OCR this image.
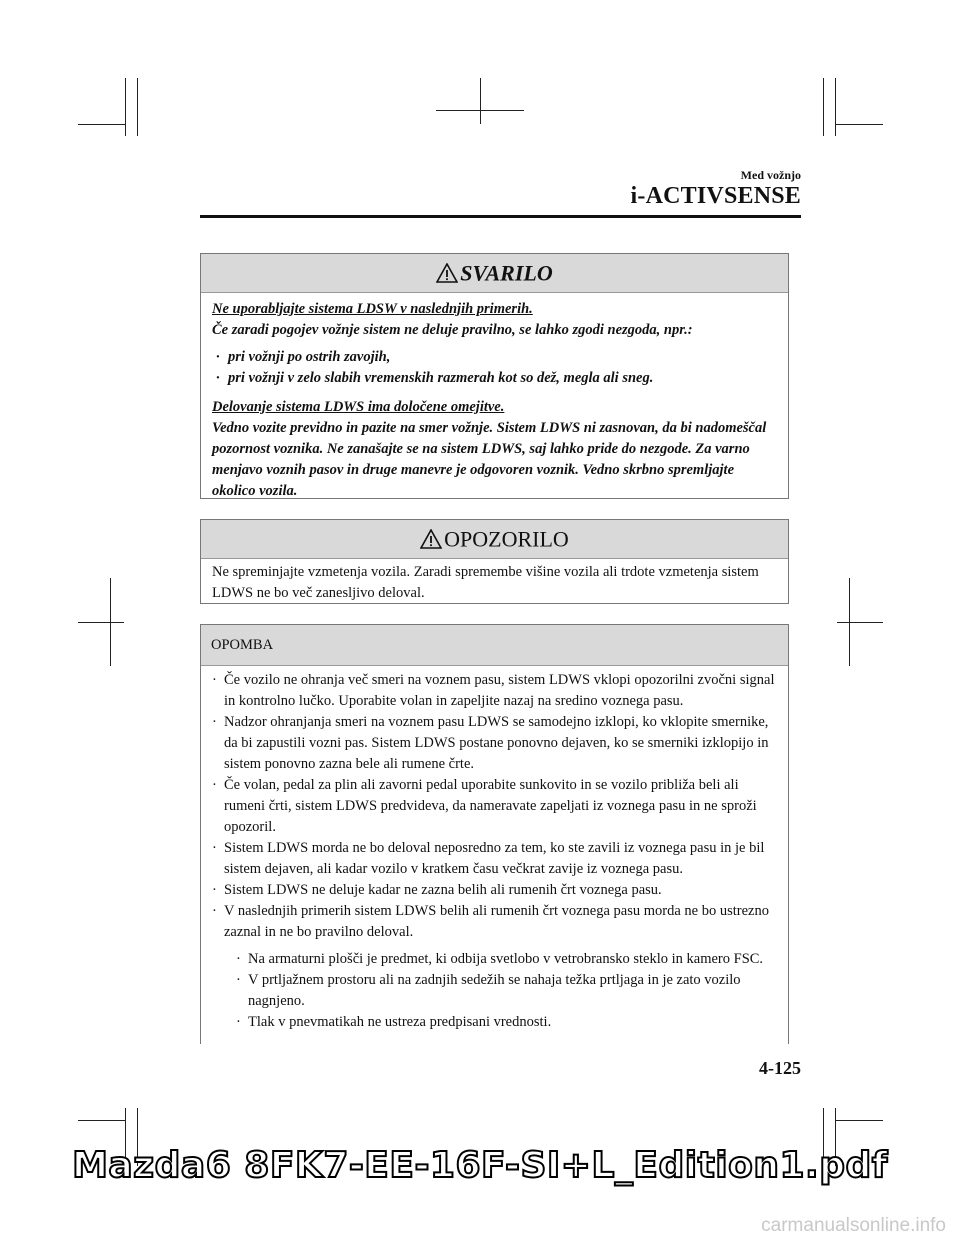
Med vožnjo
i-ACTIVSENSE
SVARILO
Ne uporabljajte sistema LDSW v naslednjih primerih.
Če zaradi pogojev vožnje sistem ne deluje pravilno, se lahko zgodi nezgoda, npr.:
· pri vožnji po ostrih zavojih,
· pri vožnji v zelo slabih vremenskih razmerah kot so dež, megla ali sneg.
Delovanje sistema LDWS ima določene omejitve.
Vedno vozite previdno in pazite na smer vožnje. Sistem LDWS ni zasnovan, da bi nadomeščal pozornost voznika. Ne zanašajte se na sistem LDWS, saj lahko pride do nezgode. Za varno menjavo voznih pasov in druge manevre je odgovoren voznik. Vedno skrbno spremljajte okolico vozila.
OPOZORILO
Ne spreminjajte vzmetenja vozila. Zaradi spremembe višine vozila ali trdote vzmetenja sistem LDWS ne bo več zanesljivo deloval.
OPOMBA
· Če vozilo ne ohranja več smeri na voznem pasu, sistem LDWS vklopi opozorilni zvočni signal in kontrolno lučko. Uporabite volan in zapeljite nazaj na sredino voznega pasu.
· Nadzor ohranjanja smeri na voznem pasu LDWS se samodejno izklopi, ko vklopite smernike, da bi zapustili vozni pas. Sistem LDWS postane ponovno dejaven, ko se smerniki izklopijo in sistem ponovno zazna bele ali rumene črte.
· Če volan, pedal za plin ali zavorni pedal uporabite sunkovito in se vozilo približa beli ali rumeni črti, sistem LDWS predvideva, da nameravate zapeljati iz voznega pasu in ne sproži opozoril.
· Sistem LDWS morda ne bo deloval neposredno za tem, ko ste zavili iz voznega pasu in je bil sistem dejaven, ali kadar vozilo v kratkem času večkrat zavije iz voznega pasu.
· Sistem LDWS ne deluje kadar ne zazna belih ali rumenih črt voznega pasu.
· V naslednjih primerih sistem LDWS belih ali rumenih črt voznega pasu morda ne bo ustrezno zaznal in ne bo pravilno deloval.
· Na armaturni plošči je predmet, ki odbija svetlobo v vetrobransko steklo in kamero FSC.
· V prtljažnem prostoru ali na zadnjih sedežih se nahaja težka prtljaga in je zato vozilo nagnjeno.
· Tlak v pnevmatikah ne ustreza predpisani vrednosti.
4-125
Mazda6 8FK7-EE-16F-SI+L_Edition1.pdf
carmanualsonline.info
